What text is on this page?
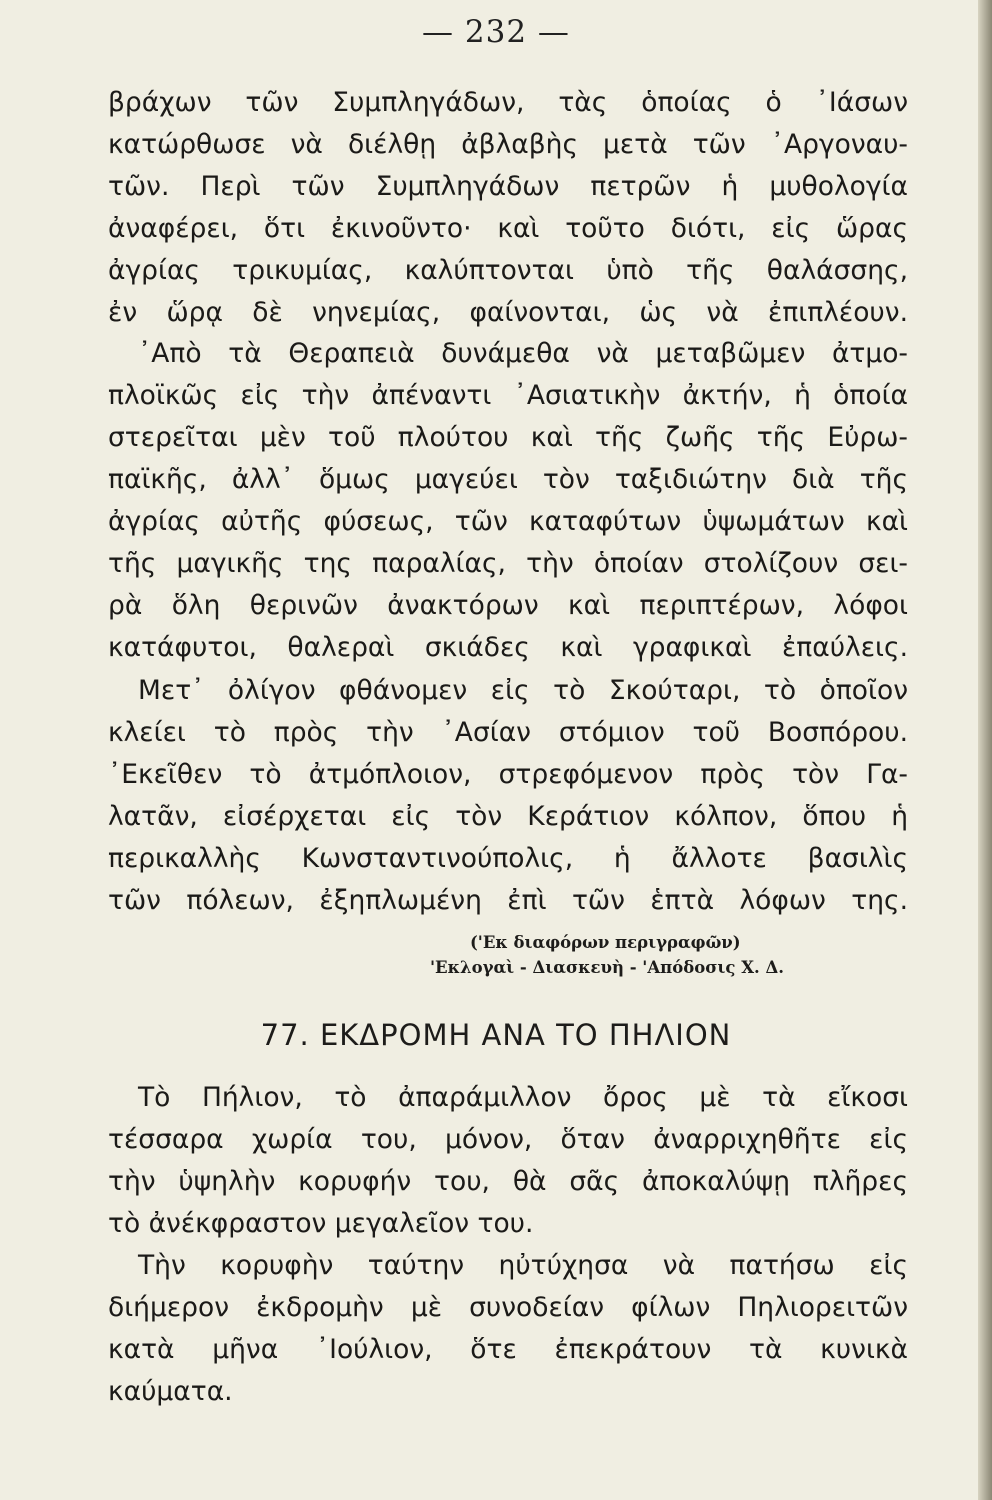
— 232 —
βράχων τῶν Συμπληγάδων, τὰς ὁποίας ὁ ᾿Ιάσων
κατώρθωσε νὰ διέλθῃ ἀβλαβὴς μετὰ τῶν ᾿Αργοναυ-
τῶν. Περὶ τῶν Συμπληγάδων πετρῶν ἡ μυθολογία
ἀναφέρει, ὅτι ἐκινοῦντο· καὶ τοῦτο διότι, εἰς ὥρας
ἀγρίας τρικυμίας, καλύπτονται ὑπὸ τῆς θαλάσσης,
ἐν ὥρᾳ δὲ νηνεμίας, φαίνονται, ὡς νὰ ἐπιπλέουν.
᾿Απὸ τὰ Θεραπειὰ δυνάμεθα νὰ μεταβῶμεν ἀτμο-
πλοϊκῶς εἰς τὴν ἀπέναντι ᾿Ασιατικὴν ἀκτήν, ἡ ὁποία
στερεῖται μὲν τοῦ πλούτου καὶ τῆς ζωῆς τῆς Εὐρω-
παϊκῆς, ἀλλ᾿ ὅμως μαγεύει τὸν ταξιδιώτην διὰ τῆς
ἀγρίας αὐτῆς φύσεως, τῶν καταφύτων ὑψωμάτων καὶ
τῆς μαγικῆς της παραλίας, τὴν ὁποίαν στολίζουν σει-
ρὰ ὅλη θερινῶν ἀνακτόρων καὶ περιπτέρων, λόφοι
κατάφυτοι, θαλεραὶ σκιάδες καὶ γραφικαὶ ἐπαύλεις.
Μετ᾿ ὀλίγον φθάνομεν εἰς τὸ Σκούταρι, τὸ ὁποῖον
κλείει τὸ πρὸς τὴν ᾿Ασίαν στόμιον τοῦ Βοσπόρου.
᾿Εκεῖθεν τὸ ἀτμόπλοιον, στρεφόμενον πρὸς τὸν Γα-
λατᾶν, εἰσέρχεται εἰς τὸν Κεράτιον κόλπον, ὅπου ἡ
περικαλλὴς Κωνσταντινούπολις, ἡ ἄλλοτε βασιλὶς
τῶν πόλεων, ἐξηπλωμένη ἐπὶ τῶν ἑπτὰ λόφων της.
('Εκ διαφόρων περιγραφῶν)
'Εκλογαὶ - Διασκευὴ - 'Απόδοσις Χ. Δ.
77. ΕΚΔΡΟΜΗ ΑΝΑ ΤΟ ΠΗΛΙΟΝ
Τὸ Πήλιον, τὸ ἀπαράμιλλον ὄρος μὲ τὰ εἴκοσι
τέσσαρα χωρία του, μόνον, ὅταν ἀναρριχηθῆτε εἰς
τὴν ὑψηλὴν κορυφήν του, θὰ σᾶς ἀποκαλύψῃ πλῆρες
τὸ ἀνέκφραστον μεγαλεῖον του.
Τὴν κορυφὴν ταύτην ηὐτύχησα νὰ πατήσω εἰς
διήμερον ἐκδρομὴν μὲ συνοδείαν φίλων Πηλιορειτῶν
κατὰ μῆνα ᾿Ιούλιον, ὅτε ἐπεκράτουν τὰ κυνικὰ
καύματα.
